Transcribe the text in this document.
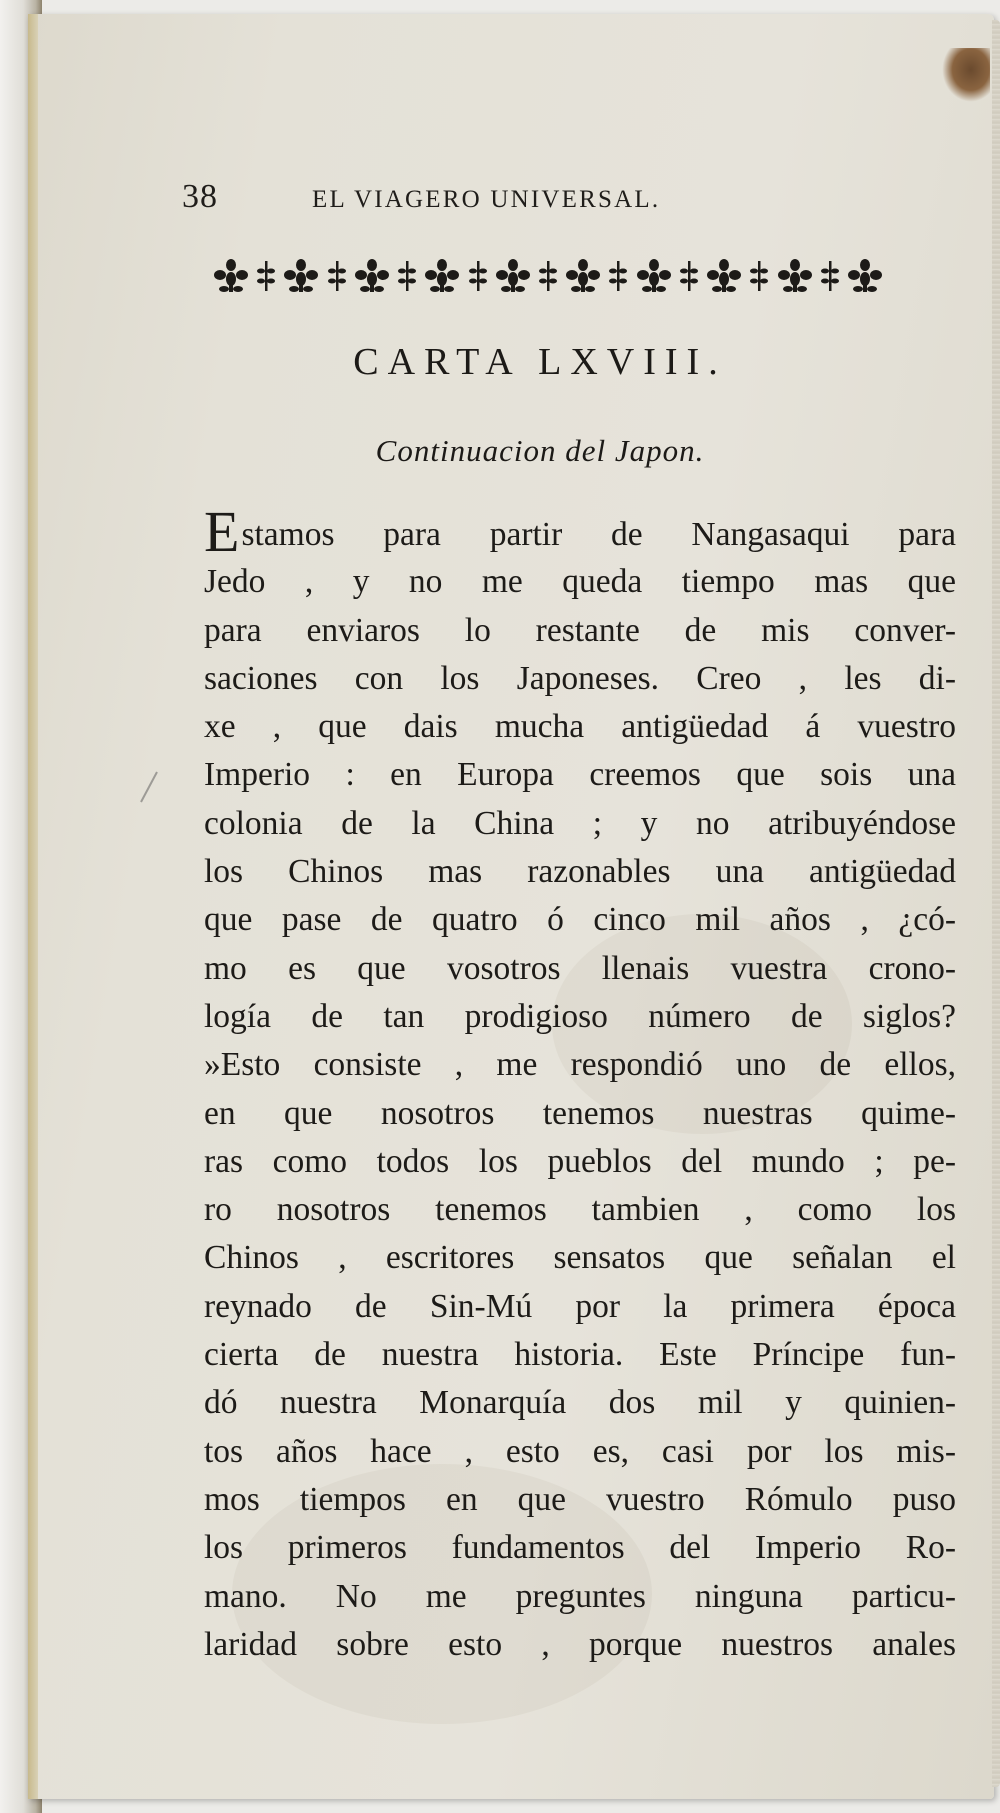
38	EL VIAGERO UNIVERSAL.
CARTA LXVIII.
Continuacion del Japon.
Estamos para partir de Nangasaqui para
Jedo , y no me queda tiempo mas que
para enviaros lo restante de mis conver-
saciones con los Japoneses. Creo , les di-
xe , que dais mucha antigüedad á vuestro
Imperio : en Europa creemos que sois una
colonia de la China ; y no atribuyéndose
los Chinos mas razonables una antigüedad
que pase de quatro ó cinco mil años , ¿có-
mo es que vosotros llenais vuestra crono-
logía de tan prodigioso número de siglos?
»Esto consiste , me respondió uno de ellos,
en que nosotros tenemos nuestras quime-
ras como todos los pueblos del mundo ; pe-
ro nosotros tenemos tambien , como los
Chinos , escritores sensatos que señalan el
reynado de Sin-Mú por la primera época
cierta de nuestra historia. Este Príncipe fun-
dó nuestra Monarquía dos mil y quinien-
tos años hace , esto es, casi por los mis-
mos tiempos en que vuestro Rómulo puso
los primeros fundamentos del Imperio Ro-
mano. No me preguntes ninguna particu-
laridad sobre esto , porque nuestros anales
